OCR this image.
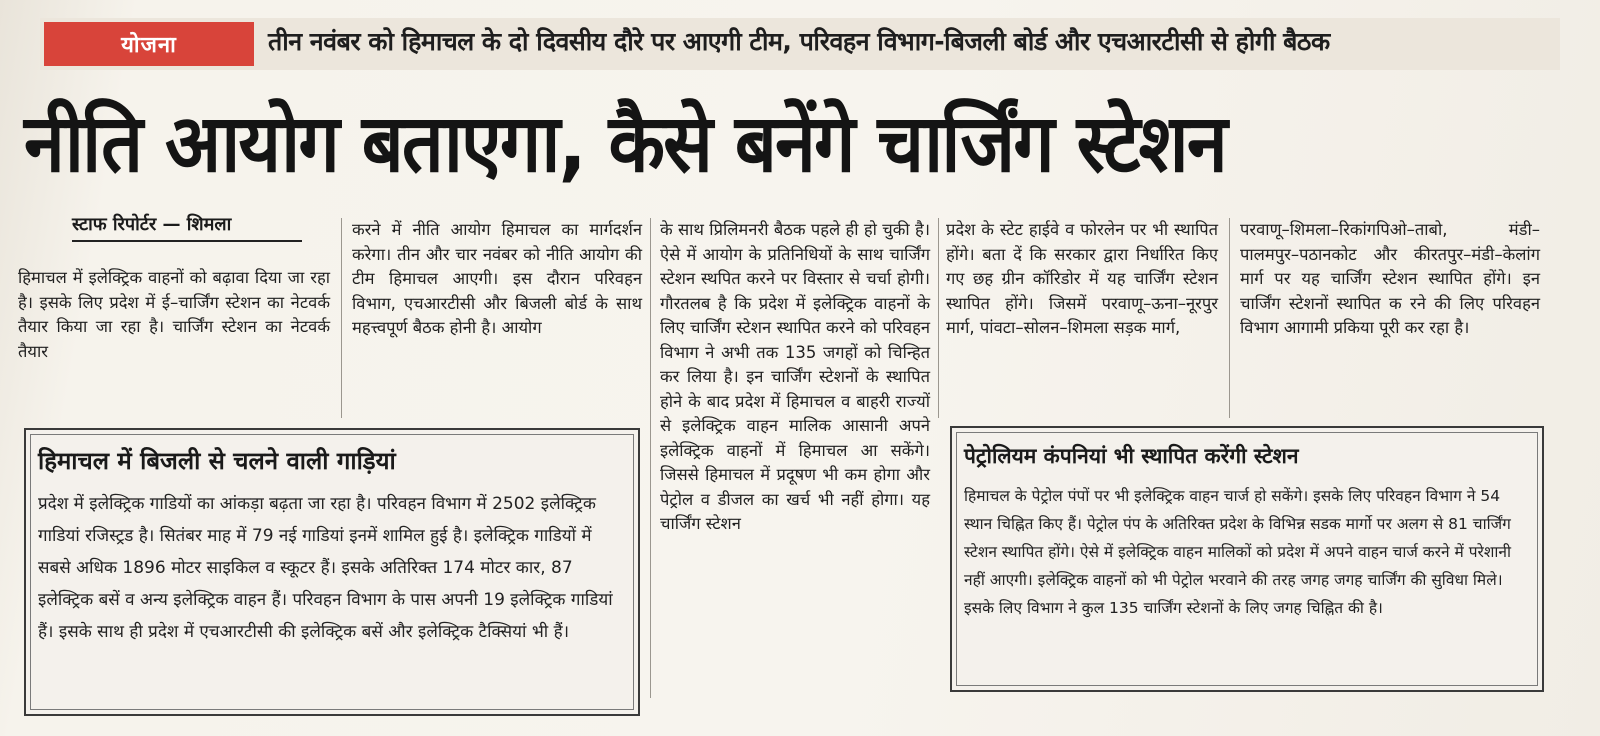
योजना	तीन नवंबर को हिमाचल के दो दिवसीय दौरे पर आएगी टीम, परिवहन विभाग-बिजली बोर्ड और एचआरटीसी से होगी बैठक
नीति आयोग बताएगा, कैसे बनेंगे चार्जिंग स्टेशन
स्टाफ रिपोर्टर — शिमला

हिमाचल में इलेक्ट्रिक वाहनों को बढ़ावा दिया जा रहा है। इसके लिए प्रदेश में ई–चार्जिंग स्टेशन का नेटवर्क तैयार किया जा रहा है। चार्जिंग स्टेशन का नेटवर्क तैयार

करने में नीति आयोग हिमाचल का मार्गदर्शन करेगा। तीन और चार नवंबर को नीति आयोग की टीम हिमाचल आएगी। इस दौरान परिवहन विभाग, एचआरटीसी और बिजली बोर्ड के साथ महत्त्वपूर्ण बैठक होनी है। आयोग

के साथ प्रिलिमनरी बैठक पहले ही हो चुकी है। ऐसे में आयोग के प्रतिनिधियों के साथ चार्जिंग स्टेशन स्थपित करने पर विस्तार से चर्चा होगी। गौरतलब है कि प्रदेश में इलेक्ट्रिक वाहनों के लिए चार्जिंग स्टेशन स्थापित करने को परिवहन विभाग ने अभी तक 135 जगहों को चिन्हित कर लिया है। इन चार्जिंग स्टेशनों के स्थापित होने के बाद प्रदेश में हिमाचल व बाहरी राज्यों से इलेक्ट्रिक वाहन मालिक आसानी अपने इलेक्ट्रिक वाहनों में हिमाचल आ सकेंगे। जिससे हिमाचल में प्रदूषण भी कम होगा और पेट्रोल व डीजल का खर्च भी नहीं होगा। यह चार्जिंग स्टेशन

प्रदेश के स्टेट हाईवे व फोरलेन पर भी स्थापित होंगे। बता दें कि सरकार द्वारा निर्धारित किए गए छह ग्रीन कॉरिडोर में यह चार्जिंग स्टेशन स्थापित होंगे। जिसमें परवाणू–ऊना–नूरपुर मार्ग, पांवटा–सोलन–शिमला सड़क मार्ग,

परवाणू–शिमला–रिकांगपिओ–ताबो, मंडी–पालमपुर–पठानकोट और कीरतपुर–मंडी–केलांग मार्ग पर यह चार्जिंग स्टेशन स्थापित होंगे। इन चार्जिंग स्टेशनों स्थापित क रने की लिए परिवहन विभाग आगामी प्रकिया पूरी कर रहा है।

हिमाचल में बिजली से चलने वाली गाड़ियां

प्रदेश में इलेक्ट्रिक गाडियों का आंकड़ा बढ़ता जा रहा है। परिवहन विभाग में 2502 इलेक्ट्रिक गाडियां रजिस्ट्रड है। सितंबर माह में 79 नई गाडियां इनमें शामिल हुई है। इलेक्ट्रिक गाडियों में सबसे अधिक 1896 मोटर साइकिल व स्कूटर हैं। इसके अतिरिक्त 174 मोटर कार, 87 इलेक्ट्रिक बसें व अन्य इलेक्ट्रिक वाहन हैं। परिवहन विभाग के पास अपनी 19 इलेक्ट्रिक गाडियां हैं। इसके साथ ही प्रदेश में एचआरटीसी की इलेक्ट्रिक बसें और इलेक्ट्रिक टैक्सियां भी हैं।

पेट्रोलियम कंपनियां भी स्थापित करेंगी स्टेशन

हिमाचल के पेट्रोल पंपों पर भी इलेक्ट्रिक वाहन चार्ज हो सकेंगे। इसके लिए परिवहन विभाग ने 54 स्थान चिह्नित किए हैं। पेट्रोल पंप के अतिरिक्त प्रदेश के विभिन्न सडक मार्गो पर अलग से 81 चार्जिंग स्टेशन स्थापित होंगे। ऐसे में इलेक्ट्रिक वाहन मालिकों को प्रदेश में अपने वाहन चार्ज करने में परेशानी नहीं आएगी। इलेक्ट्रिक वाहनों को भी पेट्रोल भरवाने की तरह जगह जगह चार्जिंग की सुविधा मिले। इसके लिए विभाग ने कुल 135 चार्जिंग स्टेशनों के लिए जगह चिह्नित की है।
